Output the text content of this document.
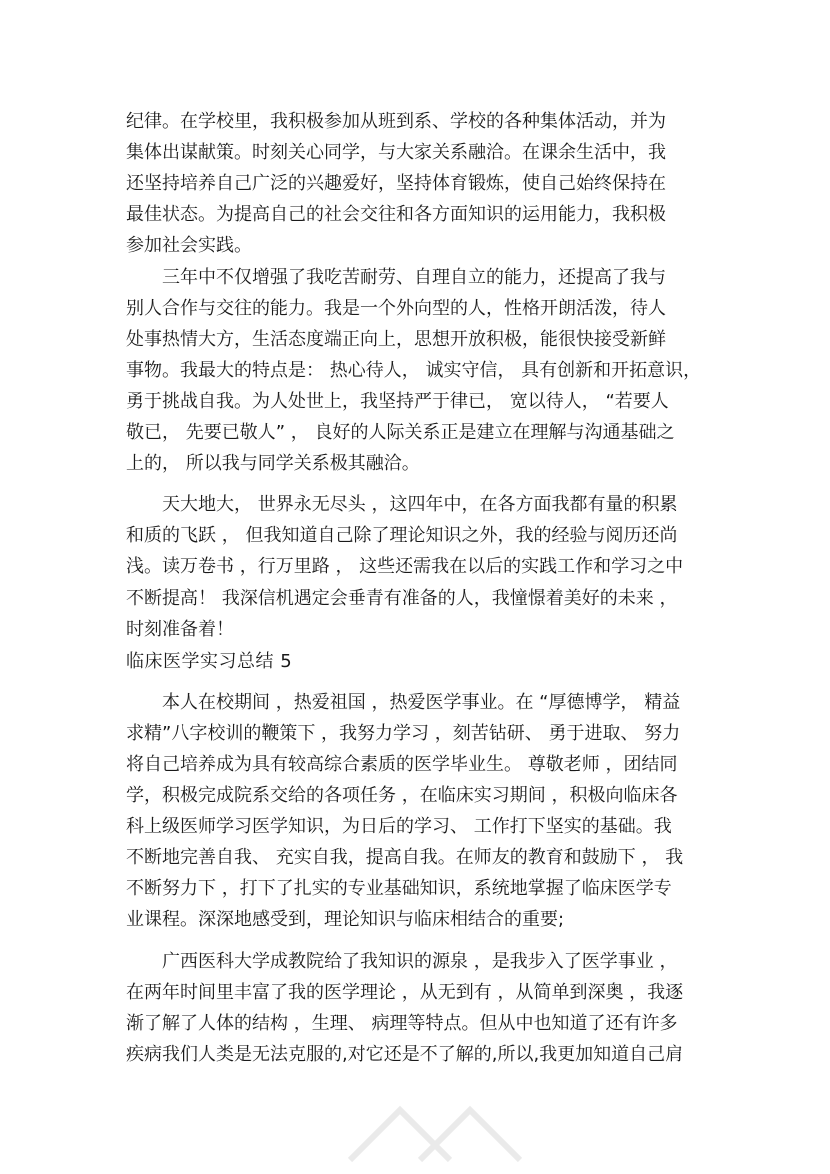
纪律。在学校里，我积极参加从班到系、学校的各种集体活动，并为

集体出谋献策。时刻关心同学，与大家关系融洽。在课余生活中，我

还坚持培养自己广泛的兴趣爱好，坚持体育锻炼，使自己始终保持在

最佳状态。为提高自己的社会交往和各方面知识的运用能力，我积极

参加社会实践。

　　三年中不仅增强了我吃苦耐劳、自理自立的能力，还提高了我与

别人合作与交往的能力。我是一个外向型的人，性格开朗活泼，待人

处事热情大方，生活态度端正向上，思想开放积极，能很快接受新鲜

事物。我最大的特点是： 热心待人， 诚实守信， 具有创新和开拓意识，

勇于挑战自我。为人处世上，我坚持严于律已， 宽以待人， “若要人

敬已， 先要已敬人” ， 良好的人际关系正是建立在理解与沟通基础之

上的， 所以我与同学关系极其融洽。

　　天大地大， 世界永无尽头 ，这四年中，在各方面我都有量的积累

和质的飞跃 ， 但我知道自己除了理论知识之外，我的经验与阅历还尚

浅。读万卷书 ，行万里路 ， 这些还需我在以后的实践工作和学习之中

不断提高！ 我深信机遇定会垂青有准备的人，我憧憬着美好的未来 ，

时刻准备着！

临床医学实习总结 5

　　本人在校期间 ，热爱祖国 ，热爱医学事业。在 “厚德博学， 精益

求精”八字校训的鞭策下 ，我努力学习 ，刻苦钻研、 勇于进取、 努力

将自己培养成为具有较高综合素质的医学毕业生。 尊敬老师 ，团结同

学，积极完成院系交给的各项任务 ，在临床实习期间 ，积极向临床各

科上级医师学习医学知识，为日后的学习、 工作打下坚实的基础。我

不断地完善自我、 充实自我，提高自我。在师友的教育和鼓励下 ， 我

不断努力下 ，打下了扎实的专业基础知识，系统地掌握了临床医学专

业课程。深深地感受到，理论知识与临床相结合的重要;

　　广西医科大学成教院给了我知识的源泉 ，是我步入了医学事业 ，

在两年时间里丰富了我的医学理论 ，从无到有 ，从简单到深奥 ，我逐

渐了解了人体的结构 ，生理、 病理等特点。但从中也知道了还有许多

疾病我们人类是无法克服的,对它还是不了解的,所以,我更加知道自己肩
